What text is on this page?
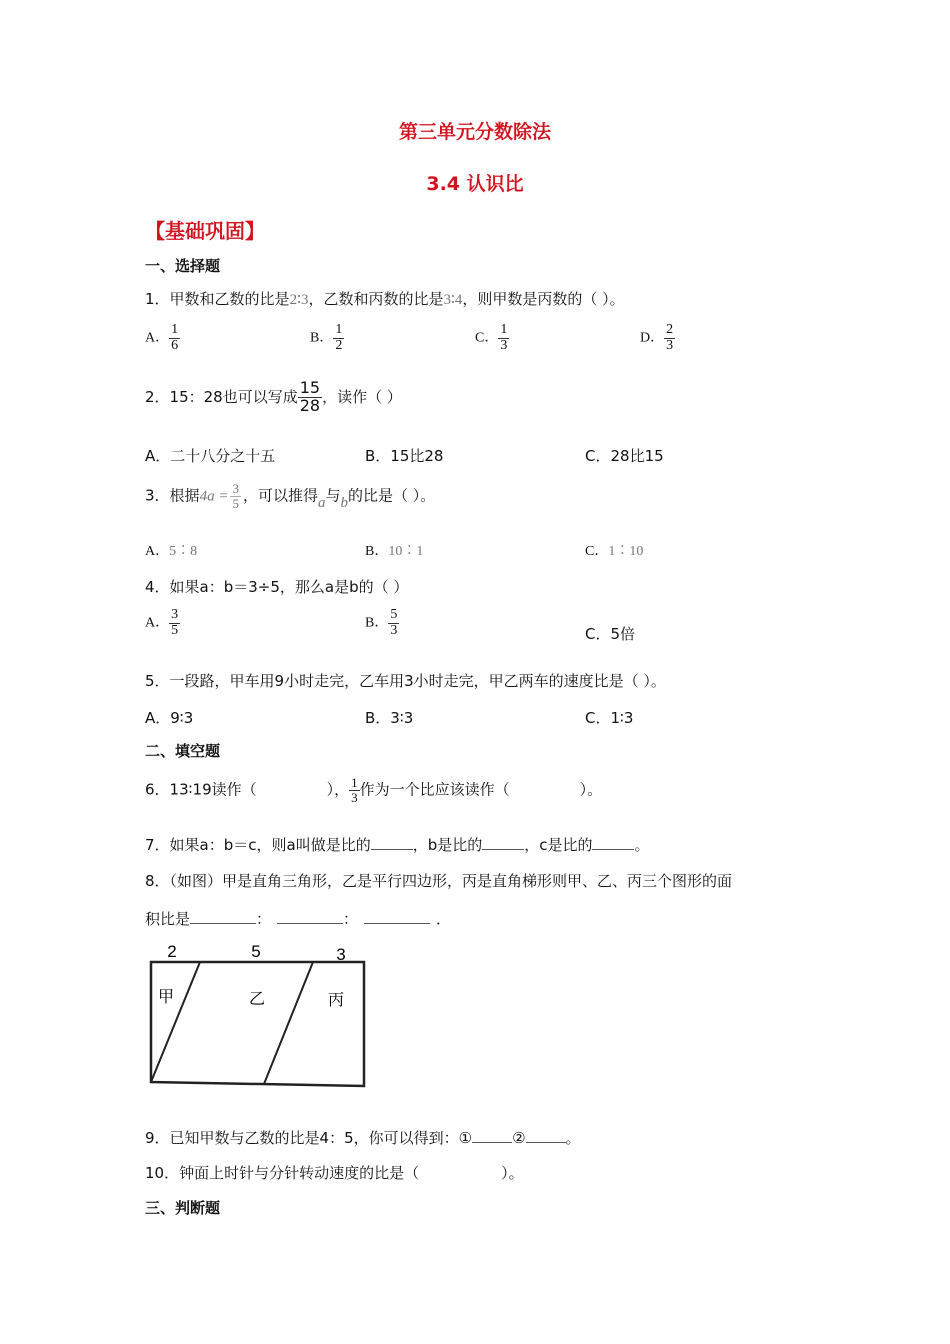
第三单元分数除法
3.4 认识比
【基础巩固】
一、选择题
1．甲数和乙数的比是2∶3，乙数和丙数的比是3∶4，则甲数是丙数的（ ）。
A． $\frac{1}{6}$	B． $\frac{1}{2}$	C． $\frac{1}{3}$	D． $\frac{2}{3}$
2．15：28也可以写成 $\frac{15}{28}$ ，读作（ ）
A．二十八分之十五	B．15比28	C．28比15
3．根据$4a = \frac{3}{5}$ ，可以推得a与b的比是（ ）。
A．5∶8	B．10∶1	C．1∶10
4．如果a：b＝3÷5，那么a是b的（ ）
A． $\frac{3}{5}$	B． $\frac{5}{3}$	C．5倍
5．一段路，甲车用9小时走完，乙车用3小时走完，甲乙两车的速度比是（ ）。
A．9∶3	B．3∶3	C．1∶3
二、填空题
6．13∶19读作（	）， $\frac{1}{3}$ 作为一个比应该读作（	）。
7．如果a：b＝c，则a叫做是比的	，b是比的	，c是比的	。
8．（如图）甲是直角三角形，乙是平行四边形，丙是直角梯形则甲、乙、丙三个图形的面
积比是	：	：	．
2	5	3
甲	乙	丙
9．已知甲数与乙数的比是4：5，你可以得到：①	②	。
10．钟面上时针与分针转动速度的比是（	）。
三、判断题
